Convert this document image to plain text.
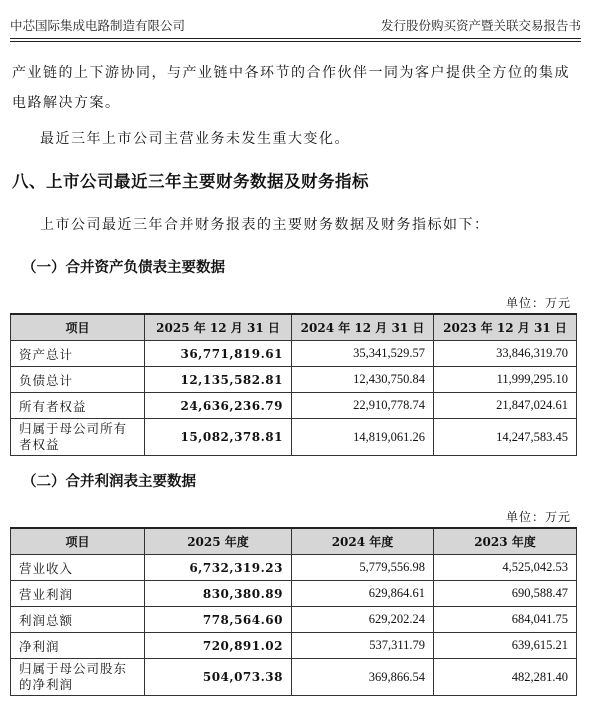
中芯国际集成电路制造有限公司	发行股份购买资产暨关联交易报告书
产业链的上下游协同，与产业链中各环节的合作伙伴一同为客户提供全方位的集成电路解决方案。
最近三年上市公司主营业务未发生重大变化。
八、上市公司最近三年主要财务数据及财务指标
上市公司最近三年合并财务报表的主要财务数据及财务指标如下：
（一）合并资产负债表主要数据
单位：万元
项目	2025 年 12 月 31 日	2024 年 12 月 31 日	2023 年 12 月 31 日
资产总计	36,771,819.61	35,341,529.57	33,846,319.70
负债总计	12,135,582.81	12,430,750.84	11,999,295.10
所有者权益	24,636,236.79	22,910,778.74	21,847,024.61
归属于母公司所有者权益	15,082,378.81	14,819,061.26	14,247,583.45
（二）合并利润表主要数据
单位：万元
项目	2025 年度	2024 年度	2023 年度
营业收入	6,732,319.23	5,779,556.98	4,525,042.53
营业利润	830,380.89	629,864.61	690,588.47
利润总额	778,564.60	629,202.24	684,041.75
净利润	720,891.02	537,311.79	639,615.21
归属于母公司股东的净利润	504,073.38	369,866.54	482,281.40
